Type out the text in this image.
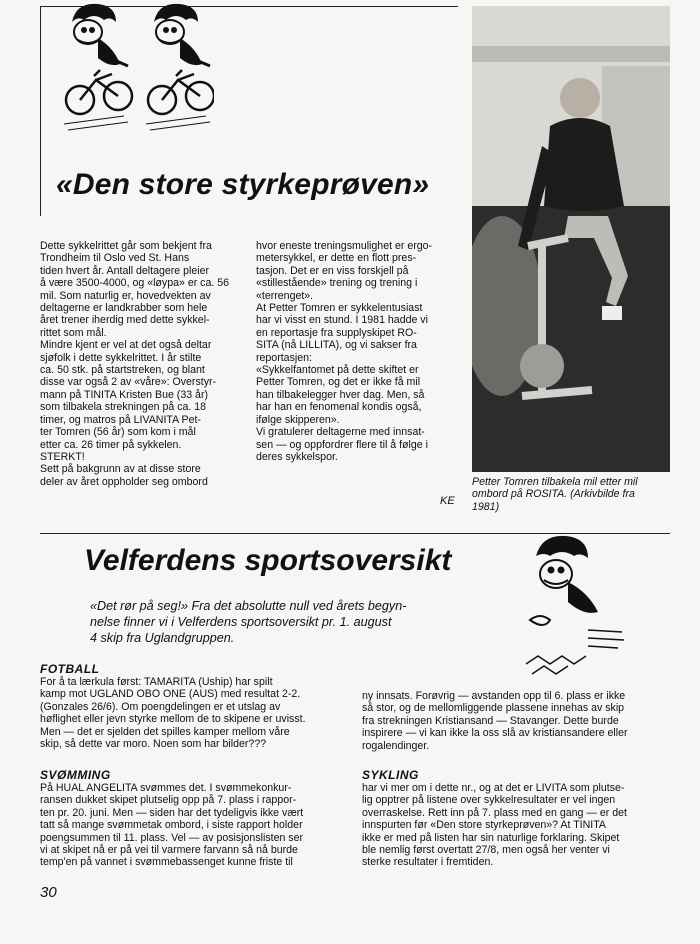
«Den store styrkeprøven»
Dette sykkelrittet går som bekjent fra
Trondheim til Oslo ved St. Hans
tiden hvert år. Antall deltagere pleier
å være 3500-4000, og «løypa» er ca. 56
mil. Som naturlig er, hovedvekten av
deltagerne er landkrabber som hele
året trener iherdig med dette sykkel-
rittet som mål.
Mindre kjent er vel at det også deltar
sjøfolk i dette sykkelrittet. I år stilte
ca. 50 stk. på startstreken, og blant
disse var også 2 av «våre»: Overstyr-
mann på TINITA Kristen Bue (33 år)
som tilbakela strekningen på ca. 18
timer, og matros på LIVANITA Pet-
ter Tomren (56 år) som kom i mål
etter ca. 26 timer på sykkelen.
STERKT!
Sett på bakgrunn av at disse store
deler av året oppholder seg ombord
hvor eneste treningsmulighet er ergo-
metersykkel, er dette en flott pres-
tasjon. Det er en viss forskjell på
«stillestående» trening og trening i
«terrenget».
At Petter Tomren er sykkelentusiast
har vi visst en stund. I 1981 hadde vi
en reportasje fra supplyskipet RO-
SITA (nå LILLITA), og vi sakser fra
reportasjen:
«Sykkelfantomet på dette skiftet er
Petter Tomren, og det er ikke få mil
han tilbakelegger hver dag. Men, så
har han en fenomenal kondis også,
ifølge skipperen».
Vi gratulerer deltagerne med innsat-
sen — og oppfordrer flere til å følge i
deres sykkelspor.
KE
Petter Tomren tilbakela mil etter mil
ombord på ROSITA. (Arkivbilde fra
1981)
Velferdens sportsoversikt
«Det rør på seg!» Fra det absolutte null ved årets begyn-
nelse finner vi i Velferdens sportsoversikt pr. 1. august
4 skip fra Uglandgruppen.
FOTBALL
For å ta lærkula først: TAMARITA (Uship) har spilt
kamp mot UGLAND OBO ONE (AUS) med resultat 2-2.
(Gonzales 26/6). Om poengdelingen er et utslag av
høflighet eller jevn styrke mellom de to skipene er uvisst.
Men — det er sjelden det spilles kamper mellom våre
skip, så dette var moro. Noen som har bilder???
SVØMMING
På HUAL ANGELITA svømmes det. I svømmekonkur-
ransen dukket skipet plutselig opp på 7. plass i rappor-
ten pr. 20. juni. Men — siden har det tydeligvis ikke vært
tatt så mange svømmetak ombord, i siste rapport holder
poengsummen til 11. plass. Vel — av posisjonslisten ser
vi at skipet nå er på vei til varmere farvann så nå burde
temp'en på vannet i svømmebassenget kunne friste til
ny innsats. Forøvrig — avstanden opp til 6. plass er ikke
så stor, og de mellomliggende plassene innehas av skip
fra strekningen Kristiansand — Stavanger. Dette burde
inspirere — vi kan ikke la oss slå av kristiansandere eller
rogalendinger.
SYKLING
har vi mer om i dette nr., og at det er LIVITA som plutse-
lig opptrer på listene over sykkelresultater er vel ingen
overraskelse. Rett inn på 7. plass med en gang — er det
innspurten før «Den store styrkeprøven»? At TINITA
ikke er med på listen har sin naturlige forklaring. Skipet
ble nemlig først overtatt 27/8, men også her venter vi
sterke resultater i fremtiden.
30
